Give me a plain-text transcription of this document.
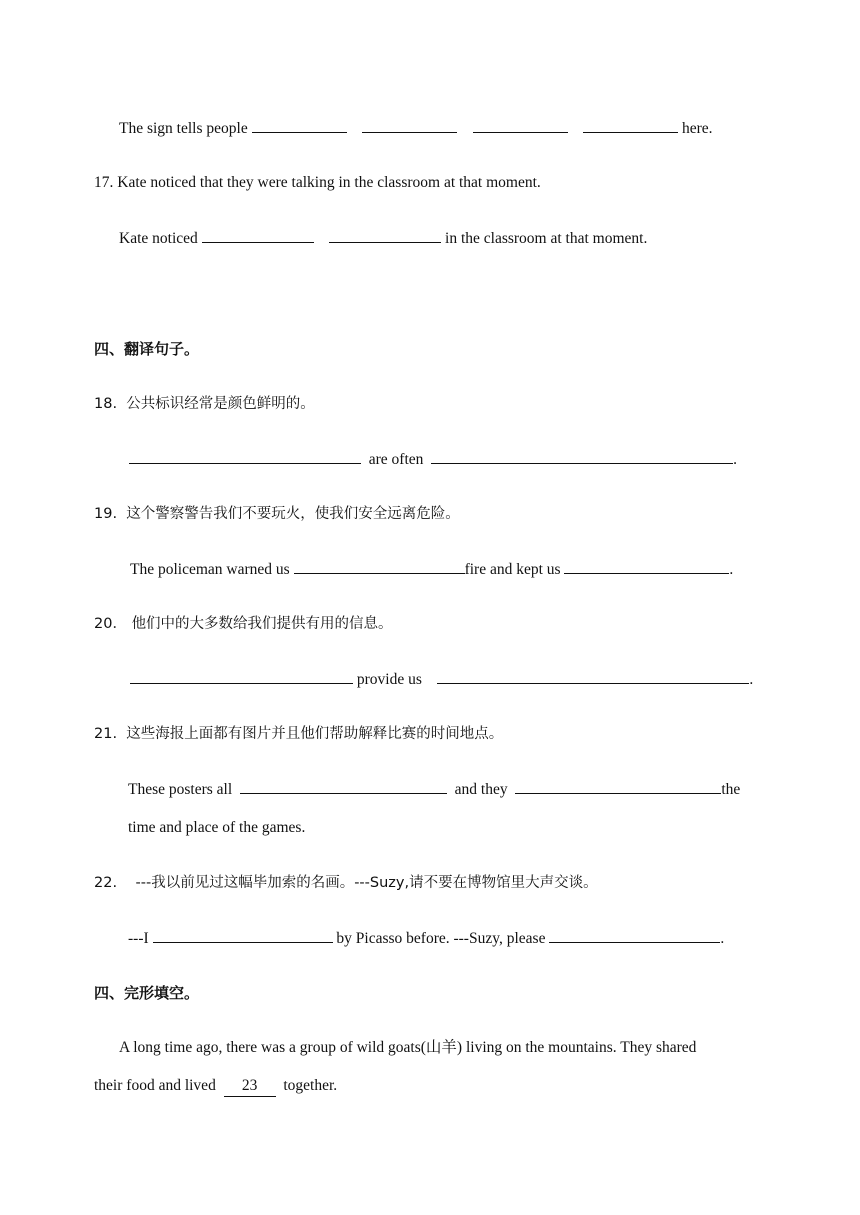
The sign tells people	here.
17. Kate noticed that they were talking in the classroom at that moment.
Kate noticed	in the classroom at that moment.
四、翻译句子。
18. 公共标识经常是颜色鲜明的。
are often	.
19. 这个警察警告我们不要玩火，使我们安全远离危险。
The policeman warned us	fire and kept us	.
20． 他们中的大多数给我们提供有用的信息。
provide us	.
21. 这些海报上面都有图片并且他们帮助解释比赛的时间地点。
These posters all	and they	the
time and place of the games.
22. ---我以前见过这幅毕加索的名画。---Suzy,请不要在博物馆里大声交谈。
---I	by Picasso before. ---Suzy, please	.
四、完形填空。
A long time ago, there was a group of wild goats(山羊) living on the mountains. They shared
their food and lived 23 together.
